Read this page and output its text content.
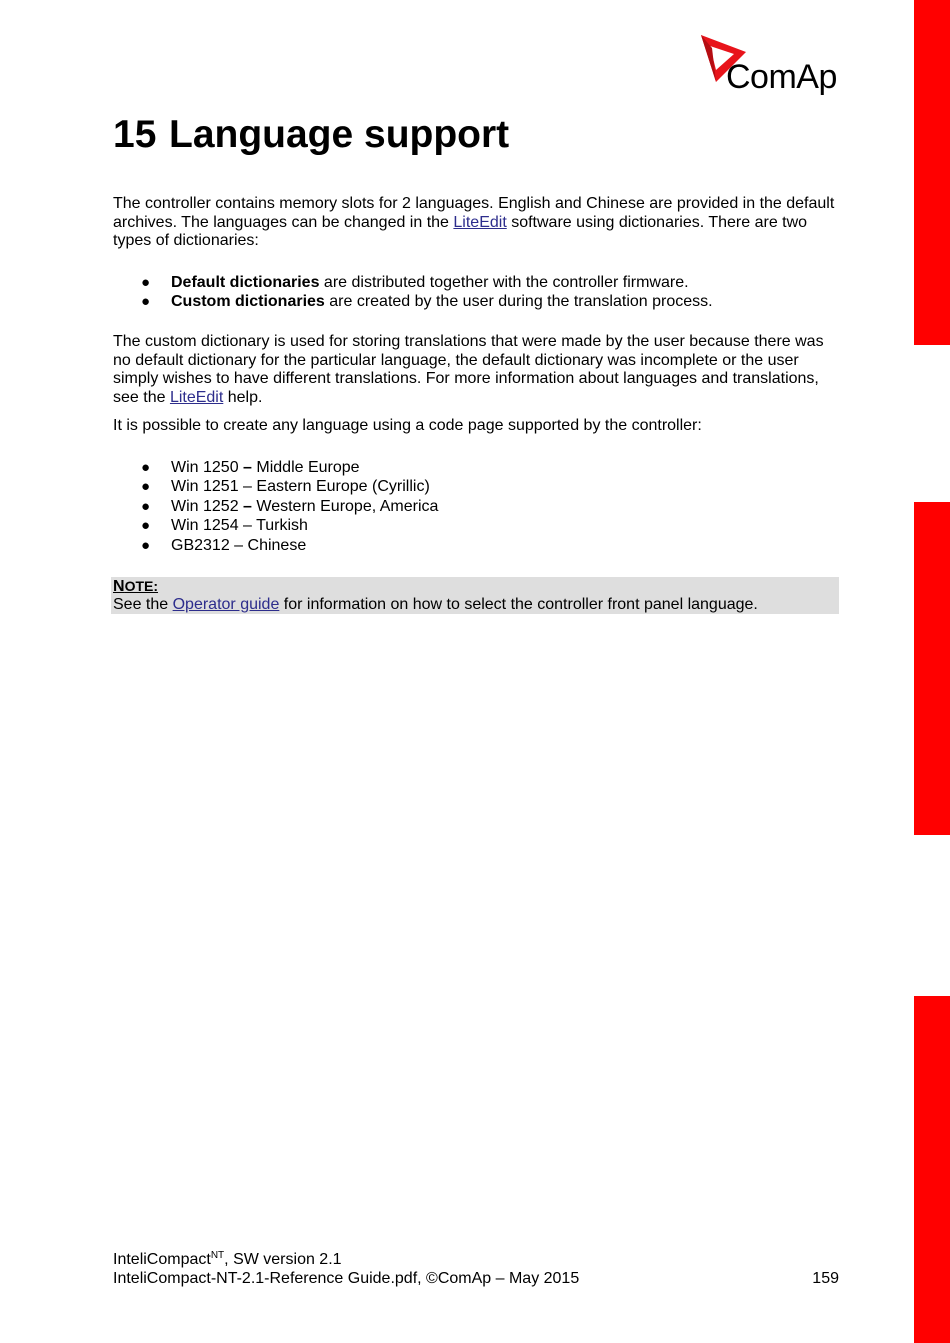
ComAp
15 Language support

The controller contains memory slots for 2 languages. English and Chinese are provided in the default archives. The languages can be changed in the LiteEdit software using dictionaries. There are two types of dictionaries:

● Default dictionaries are distributed together with the controller firmware.
● Custom dictionaries are created by the user during the translation process.

The custom dictionary is used for storing translations that were made by the user because there was no default dictionary for the particular language, the default dictionary was incomplete or the user simply wishes to have different translations. For more information about languages and translations, see the LiteEdit help.

It is possible to create any language using a code page supported by the controller:

● Win 1250 – Middle Europe
● Win 1251 – Eastern Europe (Cyrillic)
● Win 1252 – Western Europe, America
● Win 1254 – Turkish
● GB2312 – Chinese
NOTE:
See the Operator guide for information on how to select the controller front panel language.
InteliCompact$^{NT}$, SW version 2.1
InteliCompact-NT-2.1-Reference Guide.pdf, ©ComAp – May 2015	159
